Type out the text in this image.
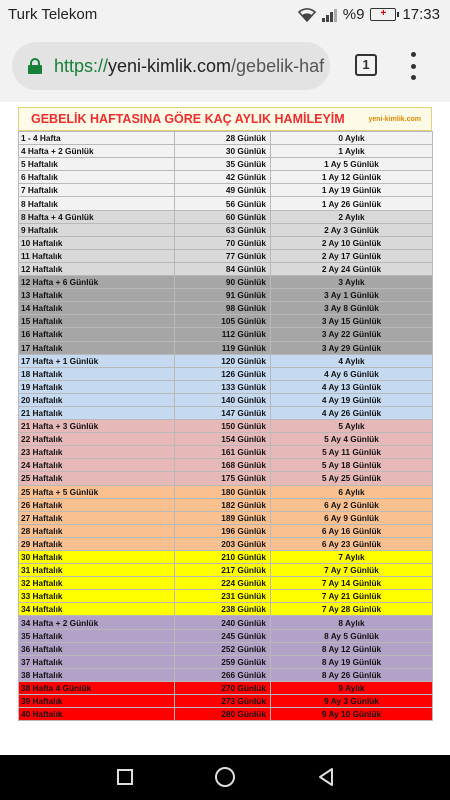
Turk Telekom	%9	+	17:33
https://yeni-kimlik.com/gebelik-haf	1
GEBELİK HAFTASINA GÖRE KAÇ AYLIK HAMİLEYİM	yeni-kimlik.com
1 - 4 Hafta	28 Günlük	0 Aylık
4 Hafta + 2 Günlük	30 Günlük	1 Aylık
5 Haftalık	35 Günlük	1 Ay 5 Günlük
6 Haftalık	42 Günlük	1 Ay 12 Günlük
7 Haftalık	49 Günlük	1 Ay 19 Günlük
8 Haftalık	56 Günlük	1 Ay 26 Günlük
8 Hafta + 4 Günlük	60 Günlük	2 Aylık
9 Haftalık	63 Günlük	2 Ay 3 Günlük
10 Haftalık	70 Günlük	2 Ay 10 Günlük
11 Haftalık	77 Günlük	2 Ay 17 Günlük
12 Haftalık	84 Günlük	2 Ay 24 Günlük
12 Hafta + 6 Günlük	90 Günlük	3 Aylık
13 Haftalık	91 Günlük	3 Ay 1 Günlük
14 Haftalık	98 Günlük	3 Ay 8 Günlük
15 Haftalık	105 Günlük	3 Ay 15 Günlük
16 Haftalık	112 Günlük	3 Ay 22 Günlük
17 Haftalık	119 Günlük	3 Ay 29 Günlük
17 Hafta + 1 Günlük	120 Günlük	4 Aylık
18 Haftalık	126 Günlük	4 Ay 6 Günlük
19 Haftalık	133 Günlük	4 Ay 13 Günlük
20 Haftalık	140 Günlük	4 Ay 19 Günlük
21 Haftalık	147 Günlük	4 Ay 26 Günlük
21 Hafta + 3 Günlük	150 Günlük	5 Aylık
22 Haftalık	154 Günlük	5 Ay 4 Günlük
23 Haftalık	161 Günlük	5 Ay 11 Günlük
24 Haftalık	168 Günlük	5 Ay 18 Günlük
25 Haftalık	175 Günlük	5 Ay 25 Günlük
25 Hafta + 5 Günlük	180 Günlük	6 Aylık
26 Haftalık	182 Günlük	6 Ay 2 Günlük
27 Haftalık	189 Günlük	6 Ay 9 Günlük
28 Haftalık	196 Günlük	6 Ay 16 Günlük
29 Haftalık	203 Günlük	6 Ay 23 Günlük
30 Haftalık	210 Günlük	7 Aylık
31 Haftalık	217 Günlük	7 Ay 7 Günlük
32 Haftalık	224 Günlük	7 Ay 14 Günlük
33 Haftalık	231 Günlük	7 Ay 21 Günlük
34 Haftalık	238 Günlük	7 Ay 28 Günlük
34 Hafta + 2 Günlük	240 Günlük	8 Aylık
35 Haftalık	245 Günlük	8 Ay 5 Günlük
36 Haftalık	252 Günlük	8 Ay 12 Günlük
37 Haftalık	259 Günlük	8 Ay 19 Günlük
38 Haftalık	266 Günlük	8 Ay 26 Günlük
38 Hafta 4 Günlük	270 Günlük	9 Aylık
39 Haftalık	273 Günlük	9 Ay 3 Günlük
40 Haftalık	280 Günlük	9 Ay 10 Günlük
